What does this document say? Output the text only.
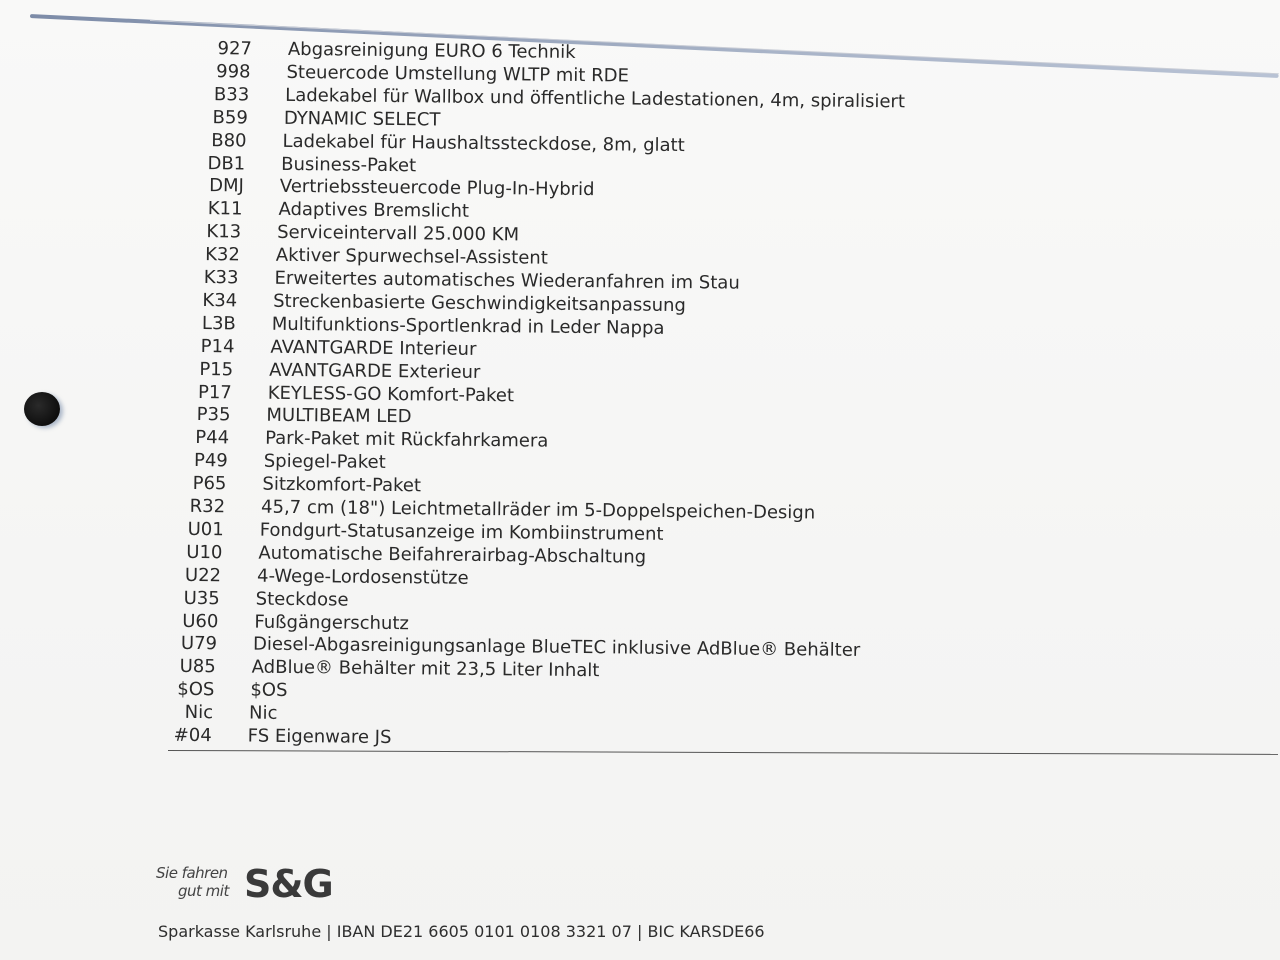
927 Abgasreinigung EURO 6 Technik
998 Steuercode Umstellung WLTP mit RDE
B33 Ladekabel für Wallbox und öffentliche Ladestationen, 4m, spiralisiert
B59 DYNAMIC SELECT
B80 Ladekabel für Haushaltssteckdose, 8m, glatt
DB1 Business-Paket
DMJ Vertriebssteuercode Plug-In-Hybrid
K11 Adaptives Bremslicht
K13 Serviceintervall 25.000 KM
K32 Aktiver Spurwechsel-Assistent
K33 Erweitertes automatisches Wiederanfahren im Stau
K34 Streckenbasierte Geschwindigkeitsanpassung
L3B Multifunktions-Sportlenkrad in Leder Nappa
P14 AVANTGARDE Interieur
P15 AVANTGARDE Exterieur
P17 KEYLESS-GO Komfort-Paket
P35 MULTIBEAM LED
P44 Park-Paket mit Rückfahrkamera
P49 Spiegel-Paket
P65 Sitzkomfort-Paket
R32 45,7 cm (18") Leichtmetallräder im 5-Doppelspeichen-Design
U01 Fondgurt-Statusanzeige im Kombiinstrument
U10 Automatische Beifahrerairbag-Abschaltung
U22 4-Wege-Lordosenstütze
U35 Steckdose
U60 Fußgängerschutz
U79 Diesel-Abgasreinigungsanlage BlueTEC inklusive AdBlue® Behälter
U85 AdBlue® Behälter mit 23,5 Liter Inhalt
$OS $OS
Nic Nic
#04 FS Eigenware JS
Sie fahren
gut mit S&G
Sparkasse Karlsruhe | IBAN DE21 6605 0101 0108 3321 07 | BIC KARSDE66
